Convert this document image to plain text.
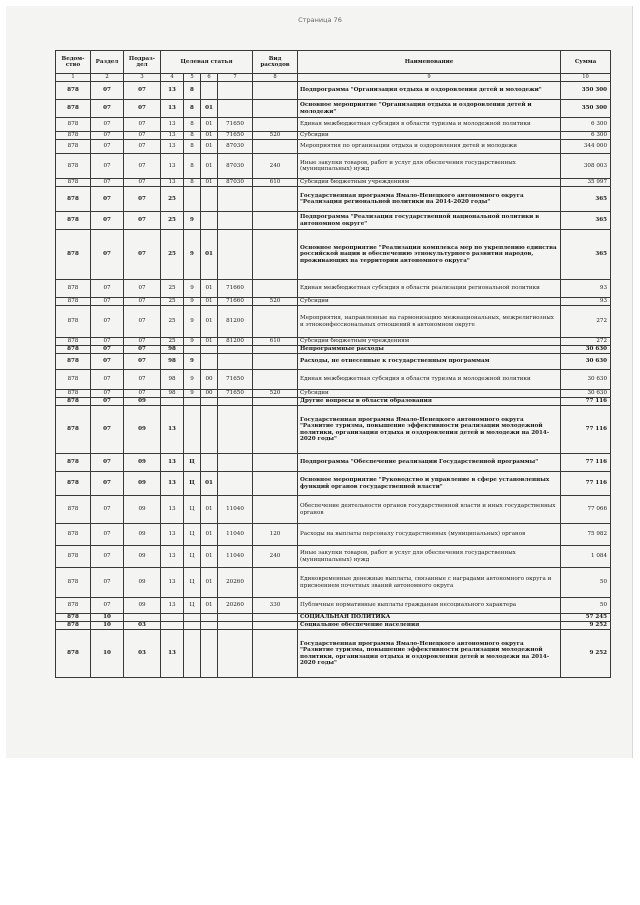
Страница 76
Ведом-ство	Раздел	Подраз-дел	Целевая статья				Вид расходов	Наименование	Сумма
1	2	3	4	5	6	7	8	9	10
878	07	07	13	8				Подпрограмма "Организация отдыха и оздоровления детей и молодежи"	350 300
878	07	07	13	8	01			Основное мероприятие "Организация отдыха и оздоровления детей и молодежи"	350 300
878	07	07	13	8	01	71650		Единая межбюджетная субсидия в области туризма и молодежной политики	6 300
878	07	07	13	8	01	71650	520	Субсидии	6 300
878	07	07	13	8	01	87030		Мероприятия по организации отдыха и оздоровления детей и молодежи	344 000
878	07	07	13	8	01	87030	240	Иные закупки товаров, работ и услуг для обеспечения государственных (муниципальных) нужд	308 003
878	07	07	13	8	01	87030	610	Субсидии бюджетным учреждениям	35 997
878	07	07	25					Государственная программа Ямало-Ненецкого автономного округа "Реализация региональной политики на 2014-2020 годы"	365
878	07	07	25	9				Подпрограмма "Реализация государственной национальной политики в автономном округе"	365
878	07	07	25	9	01			Основное мероприятие "Реализация комплекса мер по укреплению единства российской нации и обеспечению этнокультурного развития народов, проживающих на территории автономного округа"	365
878	07	07	25	9	01	71660		Единая межбюджетная субсидия в области реализации региональной политики	93
878	07	07	25	9	01	71660	520	Субсидии	93
878	07	07	25	9	01	81200		Мероприятия, направленные на гармонизацию межнациональных, межрелигиозных и этноконфессиональных отношений в автономном округе	272
878	07	07	25	9	01	81200	610	Субсидии бюджетным учреждениям	272
878	07	07	98					Непрограммные расходы	30 630
878	07	07	98	9				Расходы, не отнесенные к государственным программам	30 630
878	07	07	98	9	00	71650		Единая межбюджетная субсидия в области туризма и молодежной политики	30 630
878	07	07	98	9	00	71650	520	Субсидии	30 630
878	07	09						Другие вопросы в области образования	77 116
878	07	09	13					Государственная программа Ямало-Ненецкого автономного округа "Развитие туризма, повышение эффективности реализации молодежной политики, организация отдыха и оздоровления детей и молодежи на 2014-2020 годы"	77 116
878	07	09	13	Ц				Подпрограмма "Обеспечение реализации Государственной программы"	77 116
878	07	09	13	Ц	01			Основное мероприятие "Руководство и управление в сфере установленных функций органов государственной власти"	77 116
878	07	09	13	Ц	01	11040		Обеспечение деятельности органов государственной власти и иных государственных органов	77 066
878	07	09	13	Ц	01	11040	120	Расходы на выплаты персоналу государственных (муниципальных) органов	75 982
878	07	09	13	Ц	01	11040	240	Иные закупки товаров, работ и услуг для обеспечения государственных (муниципальных) нужд	1 084
878	07	09	13	Ц	01	20260		Единовременные денежные выплаты, связанные с наградами автономного округа и присвоением почетных званий автономного округа	50
878	07	09	13	Ц	01	20260	330	Публичные нормативные выплаты гражданам несоциального характера	50
878	10							СОЦИАЛЬНАЯ ПОЛИТИКА	57 245
878	10	03						Социальное обеспечение населения	9 252
878	10	03	13					Государственная программа Ямало-Ненецкого автономного округа "Развитие туризма, повышение эффективности реализации молодежной политики, организация отдыха и оздоровления детей и молодежи на 2014-2020 годы"	9 252
